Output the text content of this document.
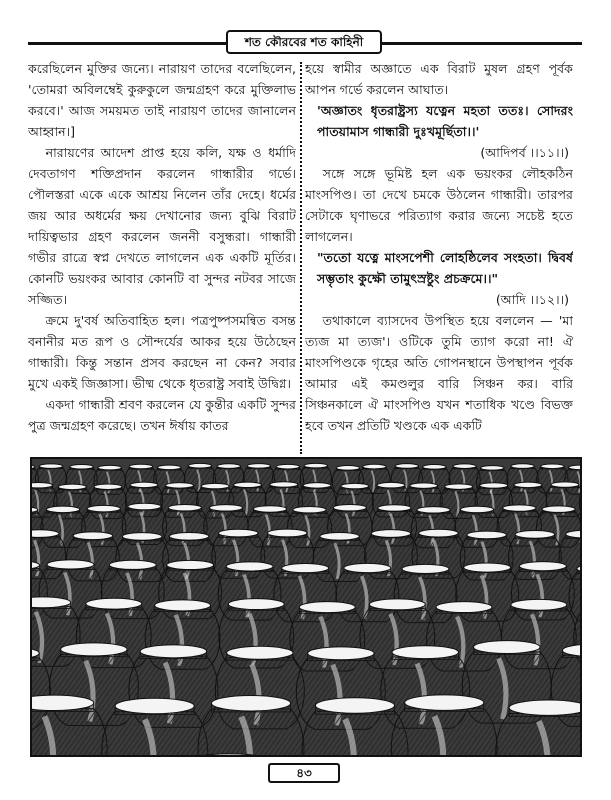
শত কৌরবের শত কাহিনী

করেছিলেন মুক্তির জন্যে। নারায়ণ তাদের বলেছিলেন, 'তোমরা অবিলম্বেই কুরুকুলে জন্মগ্রহণ করে মুক্তিলাভ করবে।' আজ সময়মত তাই নারায়ণ তাদের জানালেন আহ্বান।]

নারায়ণের আদেশ প্রাপ্ত হয়ে কলি, যক্ষ ও ধর্মাদি দেবতাগণ শক্তিপ্রদান করলেন গান্ধারীর গর্ভে। পৌলস্তরা একে একে আশ্রয় নিলেন তাঁর দেহে। ধর্মের জয় আর অধর্মের ক্ষয় দেখানোর জন্য বুঝি বিরাট দায়িত্বভার গ্রহণ করলেন জননী বসুন্ধরা। গান্ধারী গভীর রাত্রে স্বপ্ন দেখতে লাগলেন এক একটি মূর্তির। কোনটি ভয়ংকর আবার কোনটি বা সুন্দর নটবর সাজে সজ্জিত।

ক্রমে দু'বর্ষ অতিবাহিত হল। পত্রপুষ্পসমন্বিত বসন্ত বনানীর মত রূপ ও সৌন্দর্যের আকর হয়ে উঠেছেন গান্ধারী। কিন্তু সন্তান প্রসব করছেন না কেন? সবার মুখে একই জিজ্ঞাসা। ভীষ্ম থেকে ধৃতরাষ্ট্র সবাই উদ্বিগ্ন।

একদা গান্ধারী শ্রবণ করলেন যে কুন্তীর একটি সুন্দর পুত্র জন্মগ্রহণ করেছে। তখন ঈর্ষায় কাতর

হয়ে স্বামীর অজ্ঞাতে এক বিরাট মুষল গ্রহণ পূর্বক আপন গর্ভে করলেন আঘাত।

'অজ্ঞাতং ধৃতরাষ্ট্রস্য যত্নেন মহতা ততঃ। সোদরং পাতয়ামাস গান্ধারী দুঃখমূর্ছিতা।।'

(আদিপর্ব ।।১১।।)

সঙ্গে সঙ্গে ভূমিষ্ট হল এক ভয়ংকর লৌহকঠিন মাংসপিণ্ড। তা দেখে চমকে উঠলেন গান্ধারী। তারপর সেটাকে ঘৃণাভরে পরিত্যাগ করার জন্যে সচেষ্ট হতে লাগলেন।

"ততো যত্নে মাংসপেশী লোহষ্ঠিলেব সংহতা। দ্বিবর্ষ সম্ভৃতাং কুক্ষৌ তামুৎস্রষ্টুং প্রচক্রমে।।"

(আদি ।।১২।।)

তথাকালে ব্যাসদেব উপস্থিত হয়ে বললেন — 'মা ত্যজ মা ত্যজ'। ওটিকে তুমি ত্যাগ করো না! ঐ মাংসপিণ্ডকে গৃহের অতি গোপনস্থানে উপস্থাপন পূর্বক আমার এই কমণ্ডলুর বারি সিঞ্চন কর। বারি সিঞ্চনকালে ঐ মাংসপিণ্ড যখন শতাধিক খণ্ডে বিভক্ত হবে তখন প্রতিটি খণ্ডকে এক একটি

৪৩
